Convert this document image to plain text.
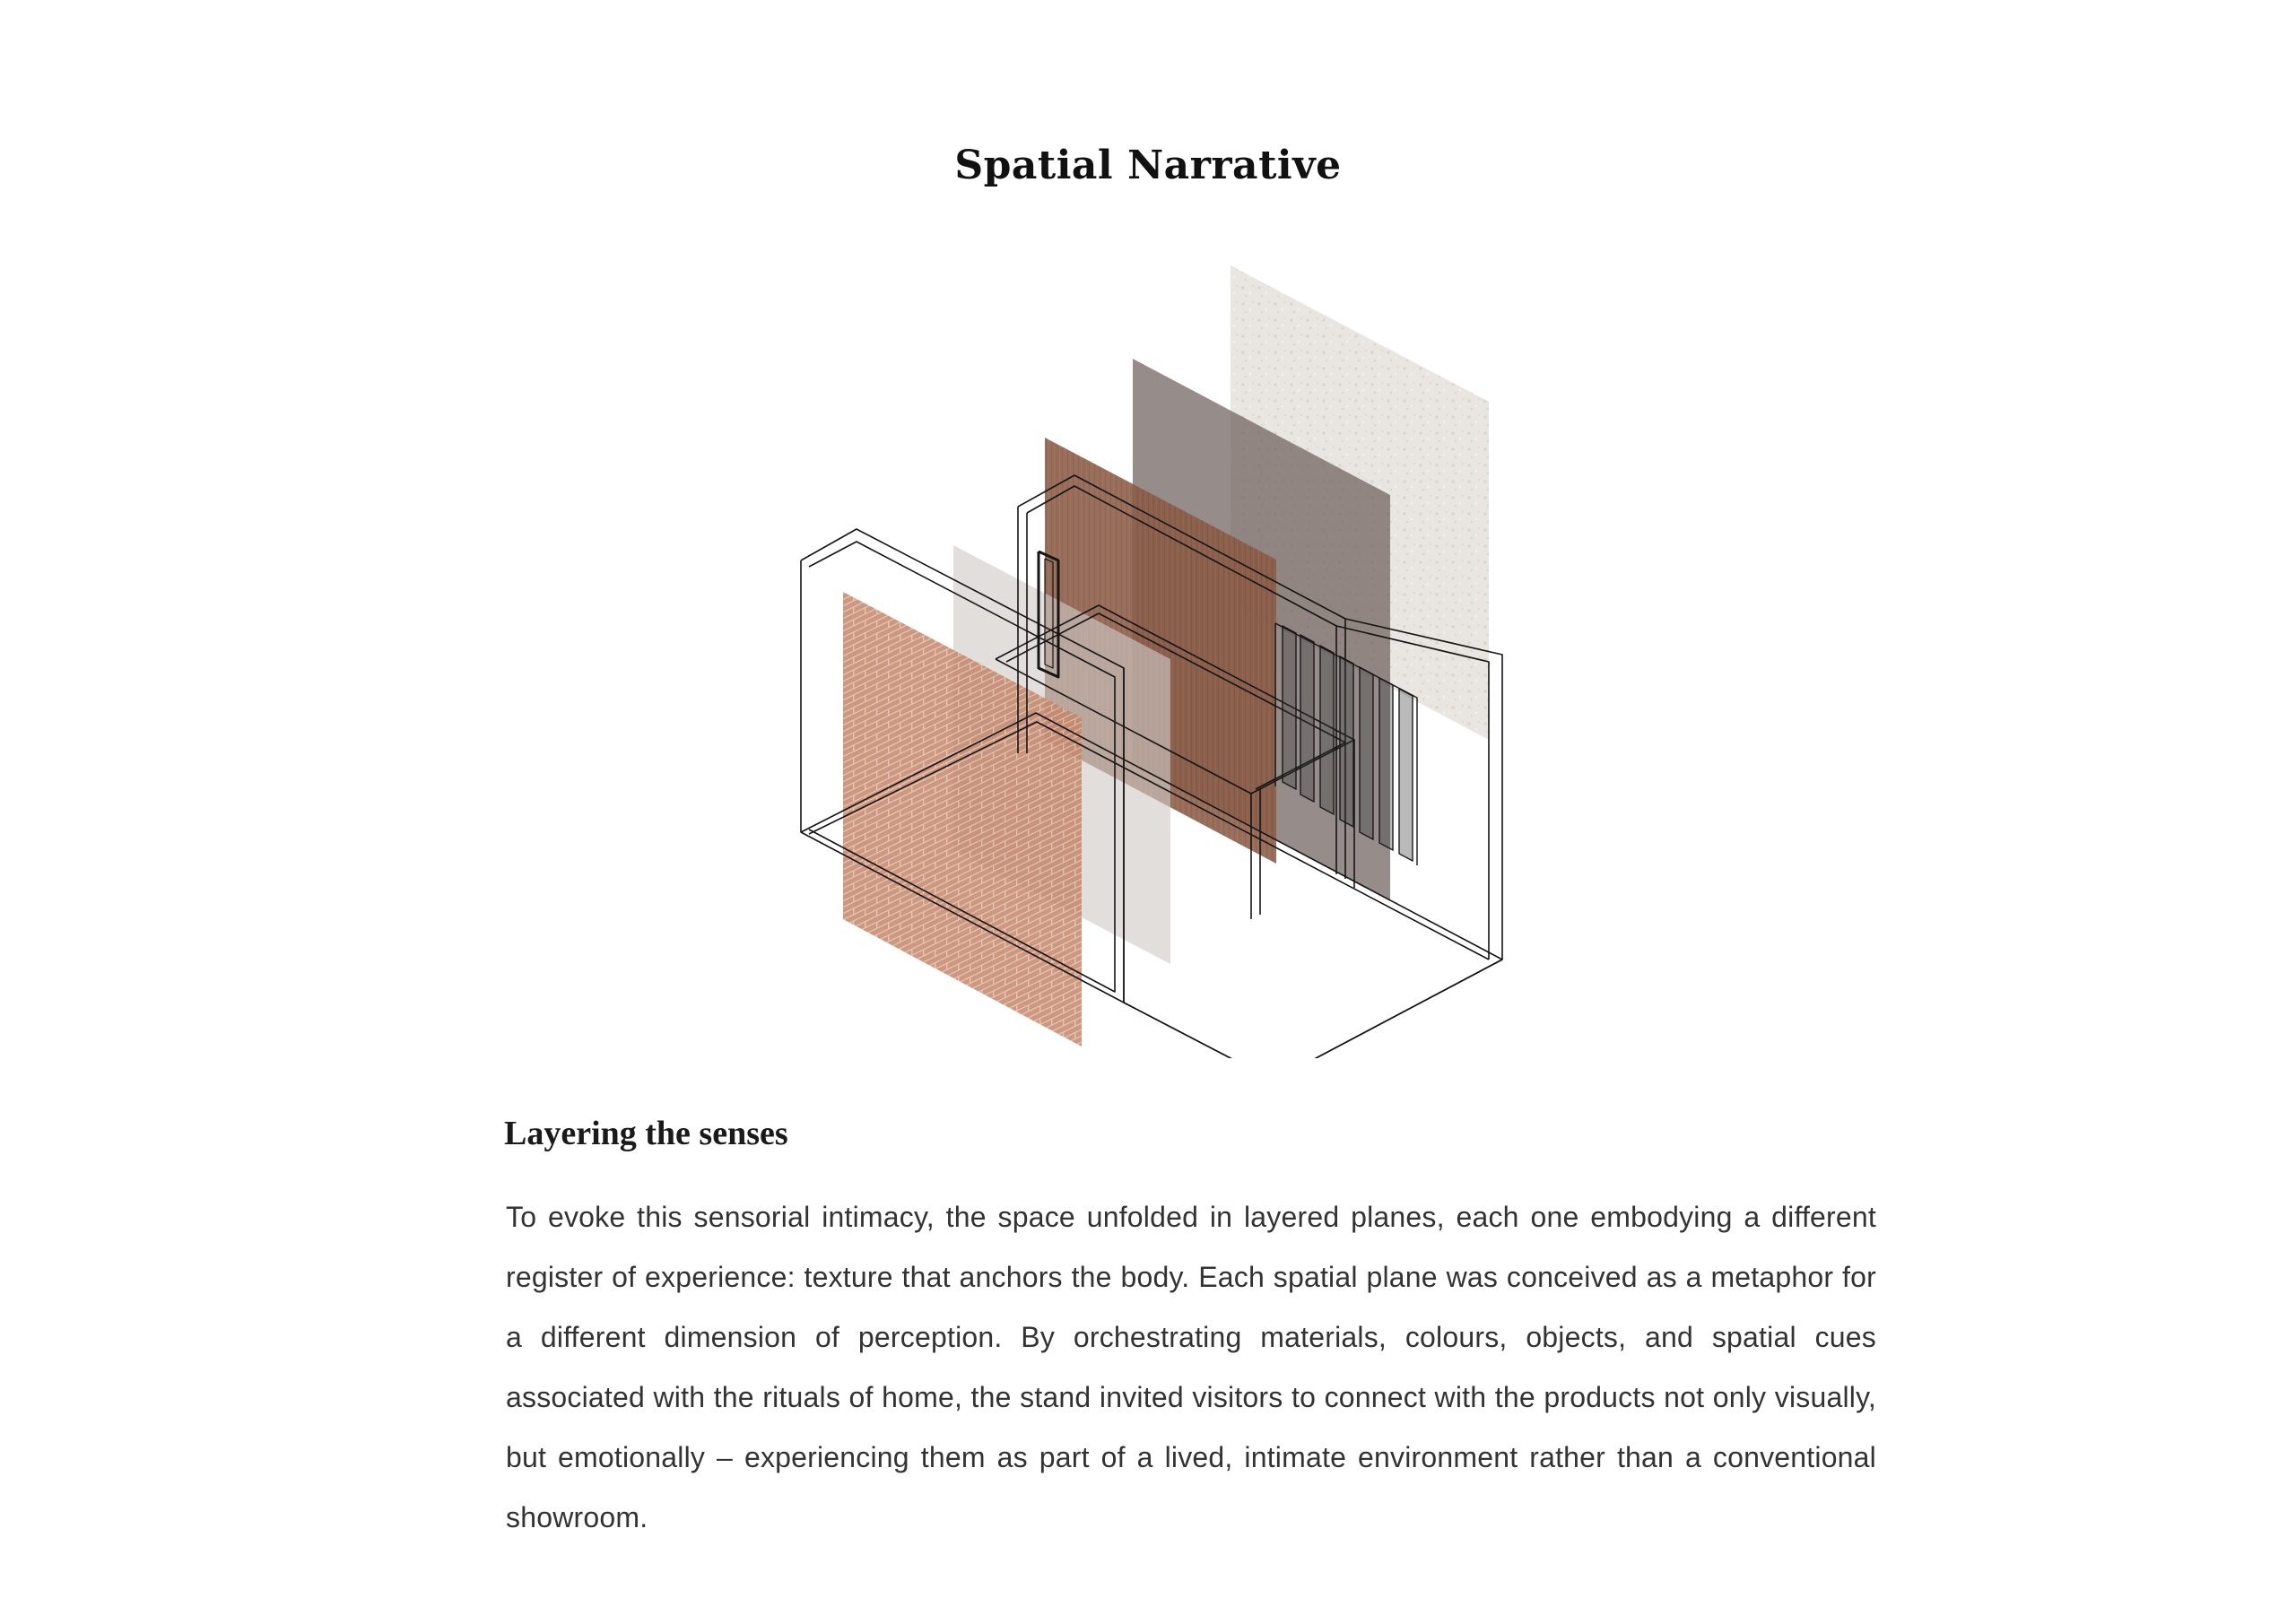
Spatial Narrative
Layering the senses

To evoke this sensorial intimacy, the space unfolded in layered planes, each one embodying a different register of experience: texture that anchors the body. Each spatial plane was conceived as a metaphor for a different dimension of perception. By orchestrating materials, colours, objects, and spatial cues associated with the rituals of home, the stand invited visitors to connect with the products not only visually, but emotionally – experiencing them as part of a lived, intimate environment rather than a conventional showroom.
